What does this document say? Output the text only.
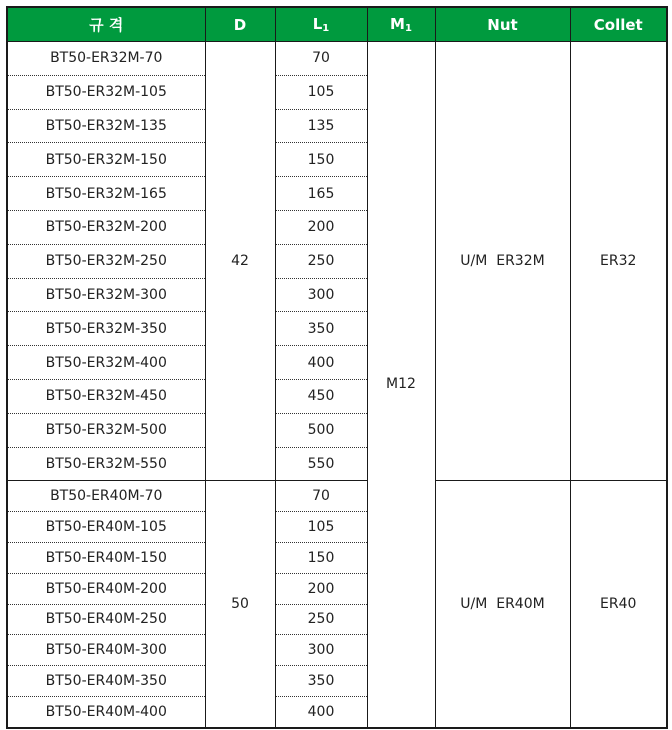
규 격	D	$L_1$	$M_1$	Nut	Collet
BT50-ER32M-70	42	70	M12	U/M  ER32M	ER32
BT50-ER32M-105		105			
BT50-ER32M-135		135			
BT50-ER32M-150		150			
BT50-ER32M-165		165			
BT50-ER32M-200		200			
BT50-ER32M-250		250			
BT50-ER32M-300		300			
BT50-ER32M-350		350			
BT50-ER32M-400		400			
BT50-ER32M-450		450			
BT50-ER32M-500		500			
BT50-ER32M-550		550			
BT50-ER40M-70	50	70		U/M  ER40M	ER40
BT50-ER40M-105		105			
BT50-ER40M-150		150			
BT50-ER40M-200		200			
BT50-ER40M-250		250			
BT50-ER40M-300		300			
BT50-ER40M-350		350			
BT50-ER40M-400		400			
